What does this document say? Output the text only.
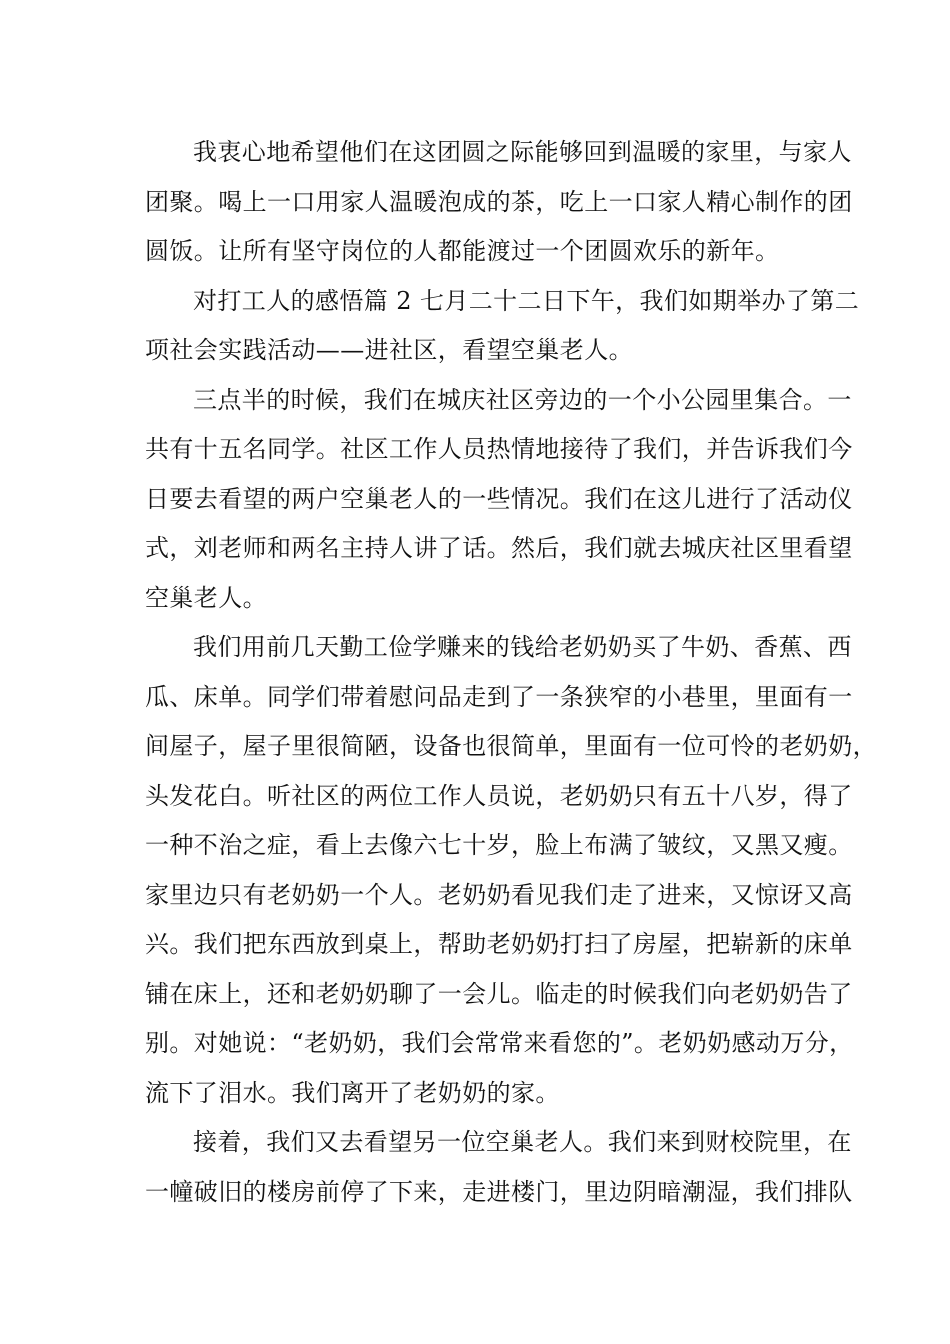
我衷心地希望他们在这团圆之际能够回到温暖的家里，与家人
团聚。喝上一口用家人温暖泡成的茶，吃上一口家人精心制作的团
圆饭。让所有坚守岗位的人都能渡过一个团圆欢乐的新年。
对打工人的感悟篇 2 七月二十二日下午，我们如期举办了第二
项社会实践活动——进社区，看望空巢老人。
三点半的时候，我们在城庆社区旁边的一个小公园里集合。一
共有十五名同学。社区工作人员热情地接待了我们，并告诉我们今
日要去看望的两户空巢老人的一些情况。我们在这儿进行了活动仪
式，刘老师和两名主持人讲了话。然后，我们就去城庆社区里看望
空巢老人。
我们用前几天勤工俭学赚来的钱给老奶奶买了牛奶、香蕉、西
瓜、床单。同学们带着慰问品走到了一条狭窄的小巷里，里面有一
间屋子，屋子里很简陋，设备也很简单，里面有一位可怜的老奶奶，
头发花白。听社区的两位工作人员说，老奶奶只有五十八岁，得了
一种不治之症，看上去像六七十岁，脸上布满了皱纹，又黑又瘦。
家里边只有老奶奶一个人。老奶奶看见我们走了进来，又惊讶又高
兴。我们把东西放到桌上，帮助老奶奶打扫了房屋，把崭新的床单
铺在床上，还和老奶奶聊了一会儿。临走的时候我们向老奶奶告了
别。对她说：“老奶奶，我们会常常来看您的”。老奶奶感动万分，
流下了泪水。我们离开了老奶奶的家。
接着，我们又去看望另一位空巢老人。我们来到财校院里，在
一幢破旧的楼房前停了下来，走进楼门，里边阴暗潮湿，我们排队
